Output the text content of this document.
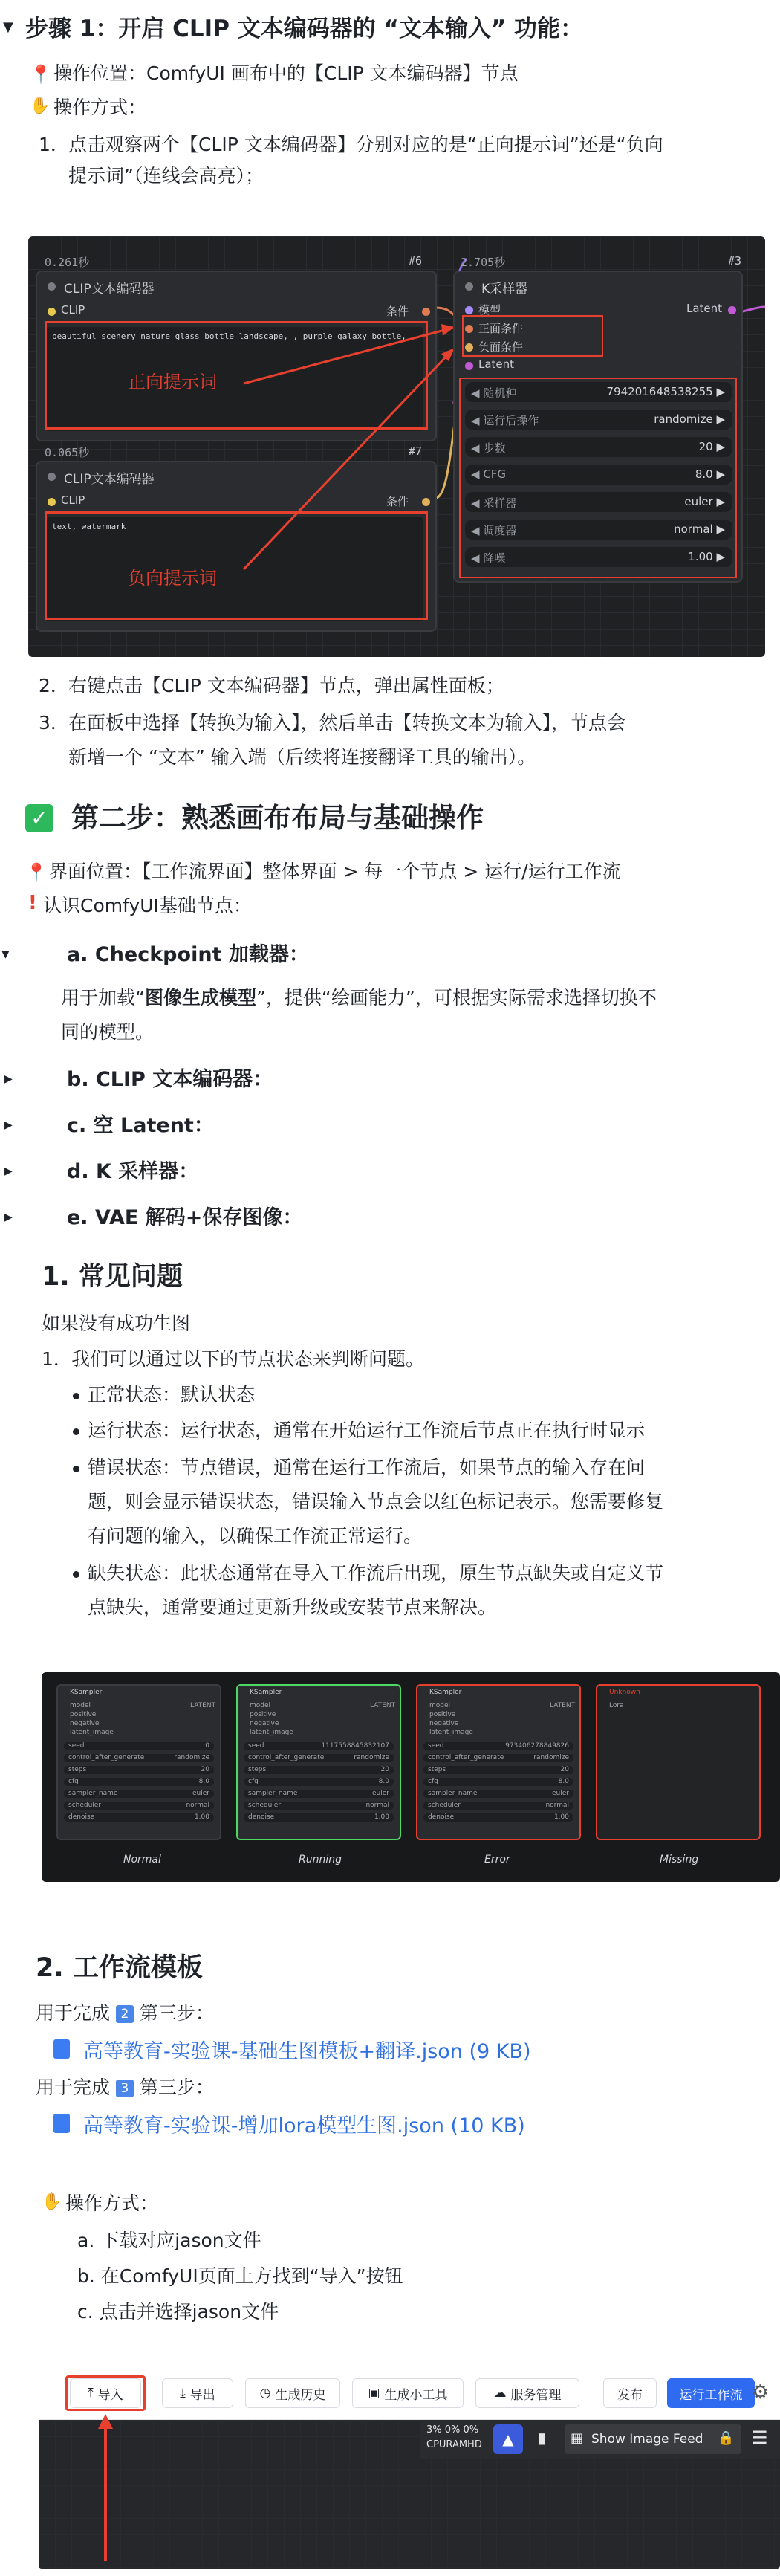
▼ 步骤 1：开启 CLIP 文本编码器的 “文本输入” 功能：
📍 操作位置：ComfyUI 画布中的【CLIP 文本编码器】节点
✋ 操作方式：
1． 点击观察两个【CLIP 文本编码器】分别对应的是“正向提示词”还是“负向
提示词”（连线会高亮）；
0.261秒	#6
CLIP文本编码器
CLIP	条件
beautiful scenery nature glass bottle landscape, , purple galaxy bottle,
正向提示词
0.065秒	#7
CLIP文本编码器
CLIP	条件
text, watermark
负向提示词
2.705秒	#3
K采样器
模型
正面条件
负面条件
Latent
Latent
◀ 随机种	794201648538255 ▶
◀ 运行后操作	randomize ▶
◀ 步数	20 ▶
◀ CFG	8.0 ▶
◀ 采样器	euler ▶
◀ 调度器	normal ▶
◀ 降噪	1.00 ▶
2． 右键点击【CLIP 文本编码器】节点，弹出属性面板；
3． 在面板中选择【转换为输入】，然后单击【转换文本为输入】，节点会
新增一个 “文本” 输入端（后续将连接翻译工具的输出）。
✓ 第二步：熟悉画布布局与基础操作
📍 界面位置：【工作流界面】整体界面 > 每一个节点 > 运行/运行工作流
! 认识ComfyUI基础节点：
▼	a. Checkpoint 加载器：
用于加载“图像生成模型”，提供“绘画能力”，可根据实际需求选择切换不
同的模型。
▶	b. CLIP 文本编码器：
▶	c. 空 Latent：
▶	d. K 采样器：
▶	e. VAE 解码+保存图像：
1. 常见问题
如果没有成功生图
1． 我们可以通过以下的节点状态来判断问题。
正常状态：默认状态
运行状态：运行状态，通常在开始运行工作流后节点正在执行时显示
错误状态：节点错误，通常在运行工作流后，如果节点的输入存在问
题，则会显示错误状态，错误输入节点会以红色标记表示。您需要修复
有问题的输入，以确保工作流正常运行。
缺失状态：此状态通常在导入工作流后出现，原生节点缺失或自定义节
点缺失，通常要通过更新升级或安装节点来解决。
KSampler
model
positive
negative
latent_image
LATENT
seed	0
control_after_generate	randomize
steps	20
cfg	8.0
sampler_name	euler
scheduler	normal
denoise	1.00
Normal
KSampler
model
positive
negative
latent_image
LATENT
seed	1117558845832107
control_after_generate	randomize
steps	20
cfg	8.0
sampler_name	euler
scheduler	normal
denoise	1.00
Running
KSampler
model
positive
negative
latent_image
LATENT
seed	973406278849826
control_after_generate	randomize
steps	20
cfg	8.0
sampler_name	euler
scheduler	normal
denoise	1.00
Error
Unknown
Lora
Missing
2. 工作流模板
用于完成 2 第三步：
高等教育-实验课-基础生图模板+翻译.json (9 KB)
用于完成 3 第三步：
高等教育-实验课-增加lora模型生图.json (10 KB)
✋ 操作方式：
a. 下载对应jason文件
b. 在ComfyUI页面上方找到“导入”按钮
c. 点击并选择jason文件
⤒ 导入	⤓ 导出	◷ 生成历史	▣ 生成小工具	☁ 服务管理	发布	运行工作流 ⚙
3% 0% 0%
CPURAMHD	▲	▮ ▦ Show Image Feed 🔒 ☰
